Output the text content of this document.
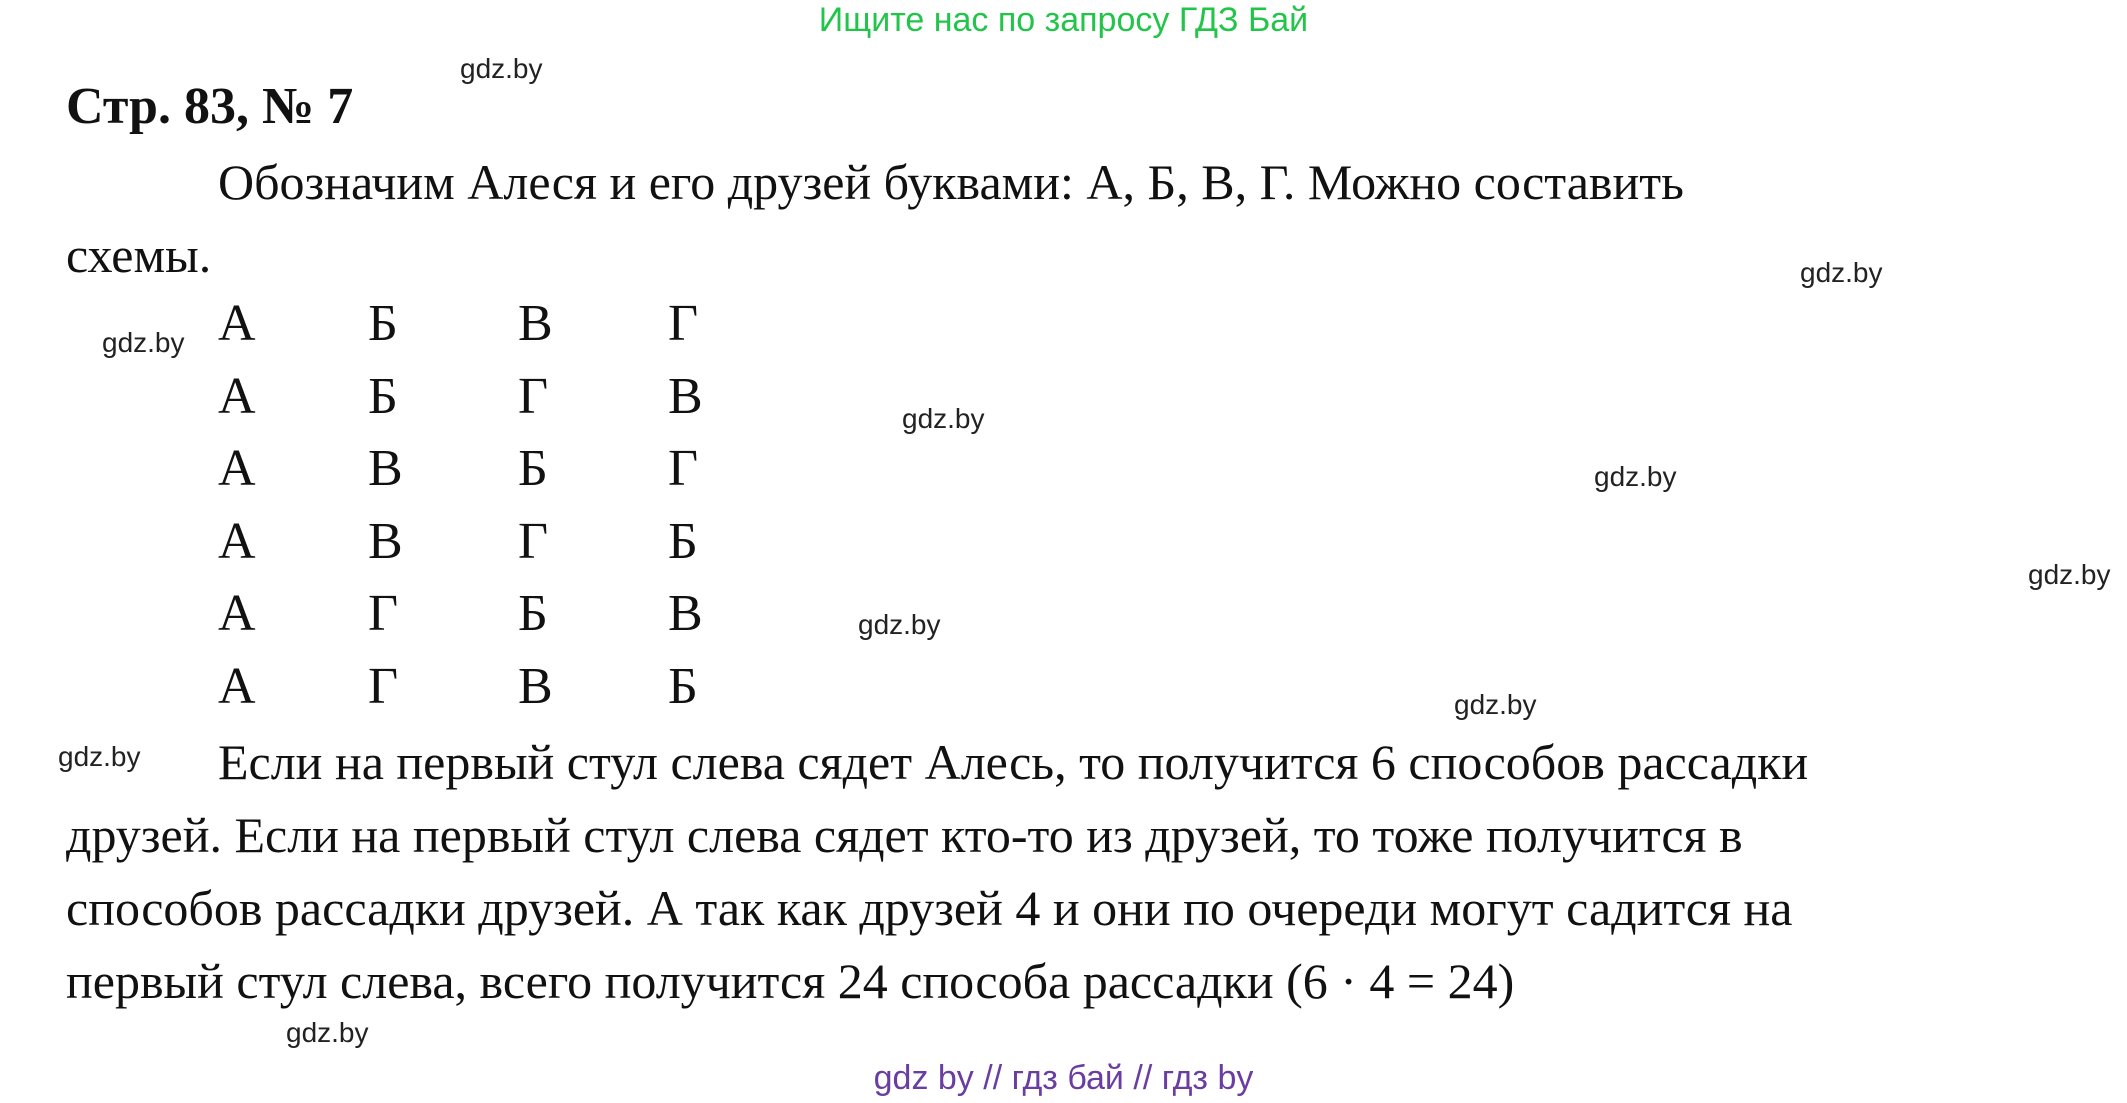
Ищите нас по запросу ГДЗ Бай
Стр. 83, № 7
Обозначим Алеся и его друзей буквами: А, Б, В, Г. Можно составить
схемы.
А	Б	В	Г
А	Б	Г	В
А	В	Б	Г
А	В	Г	Б
А	Г	Б	В
А	Г	В	Б
Если на первый стул слева сядет Алесь, то получится 6 способов рассадки
друзей. Если на первый стул слева сядет кто-то из друзей, то тоже получится в
способов рассадки друзей. А так как друзей 4 и они по очереди могут садится на
первый стул слева, всего получится 24 способа рассадки (6 · 4 = 24)
gdz.by
gdz.by
gdz.by
gdz.by
gdz.by
gdz.by
gdz.by
gdz.by
gdz.by
gdz.by
gdz by // гдз бай // гдз by
